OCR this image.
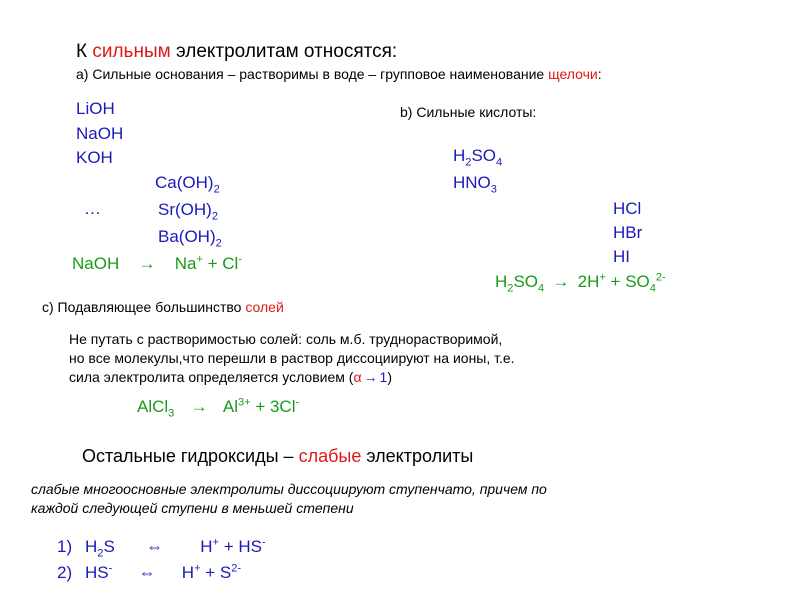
К сильным электролитам относятся:
а) Сильные основания – растворимы в воде – групповое наименование щелочи:
LiOH
NaOH
KOH
$Ca(OH)_2$
…	$Sr(OH)_2$
$Ba(OH)_2$
NaOH → Na+ + Cl-
b) Сильные кислоты:
$H_2SO_4$
$HNO_3$
HCl
HBr
HI
$H_2SO_4 \to 2H^+ + SO_4^{2-}$
c) Подавляющее большинство солей
Не путать с растворимостью солей: соль м.б. труднорастворимой,
но все молекулы,что перешли в раствор диссоциируют на ионы, т.е.
сила электролита определяется условием (α → 1)
AlCl$_3$ → $Al^{3+} + 3Cl^-$
Остальные гидроксиды – слабые электролиты
слабые многоосновные электролиты диссоциируют ступенчато, причем по
каждой следующей ступени в меньшей степени
1) $H_2S$ ⇔ H+ + HS-
2) HS- ⇔ $H^+ + S^{2-}$
